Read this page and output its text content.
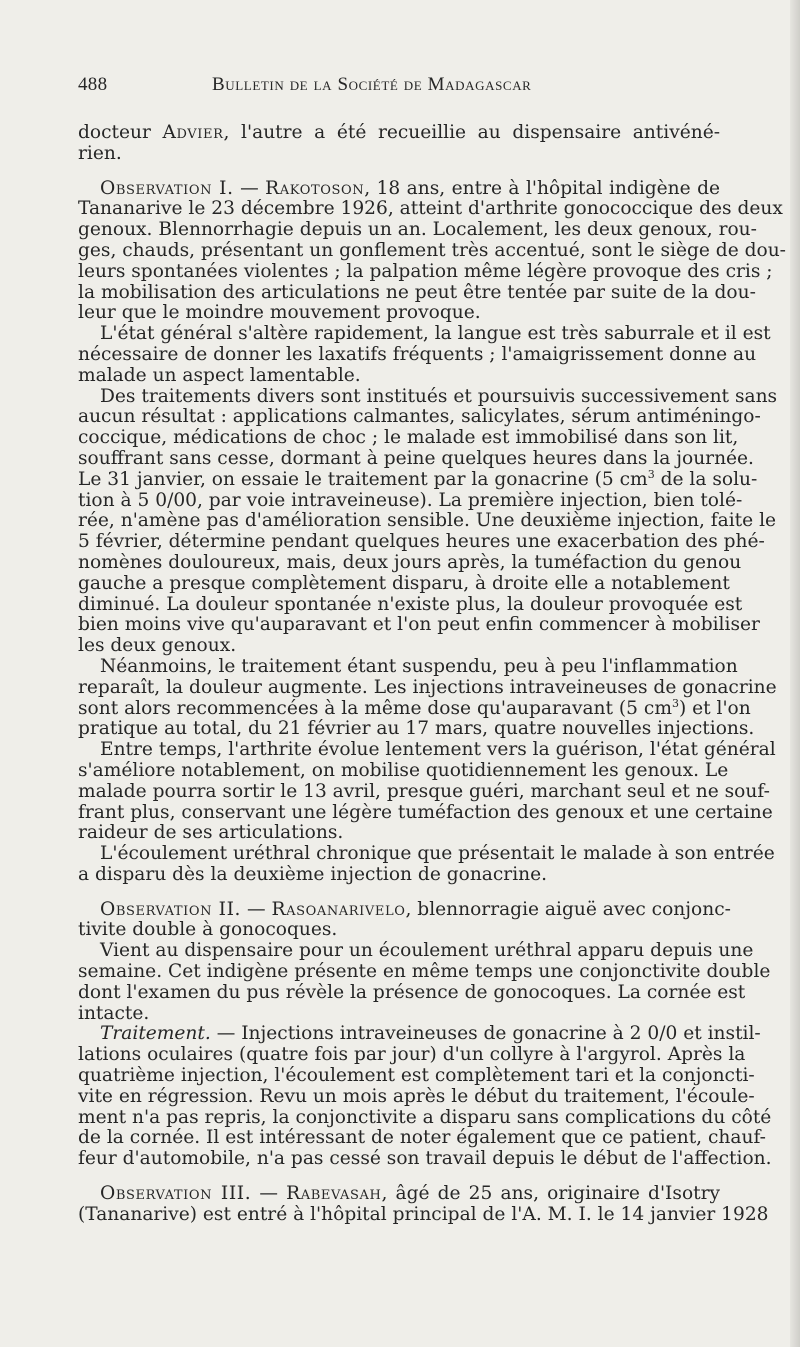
488	Bulletin de la Société de Madagascar
docteur Advier, l'autre a été recueillie au dispensaire antivéné-
rien.
Observation I. — Rakotoson, 18 ans, entre à l'hôpital indigène de
Tananarive le 23 décembre 1926, atteint d'arthrite gonococcique des deux
genoux. Blennorrhagie depuis un an. Localement, les deux genoux, rou-
ges, chauds, présentant un gonflement très accentué, sont le siège de dou-
leurs spontanées violentes ; la palpation même légère provoque des cris ;
la mobilisation des articulations ne peut être tentée par suite de la dou-
leur que le moindre mouvement provoque.
L'état général s'altère rapidement, la langue est très saburrale et il est
nécessaire de donner les laxatifs fréquents ; l'amaigrissement donne au
malade un aspect lamentable.
Des traitements divers sont institués et poursuivis successivement sans
aucun résultat : applications calmantes, salicylates, sérum antiméningo-
coccique, médications de choc ; le malade est immobilisé dans son lit,
souffrant sans cesse, dormant à peine quelques heures dans la journée.
Le 31 janvier, on essaie le traitement par la gonacrine (5 $cm^3$ de la solu-
tion à 5 0/00, par voie intraveineuse). La première injection, bien tolé-
rée, n'amène pas d'amélioration sensible. Une deuxième injection, faite le
5 février, détermine pendant quelques heures une exacerbation des phé-
nomènes douloureux, mais, deux jours après, la tuméfaction du genou
gauche a presque complètement disparu, à droite elle a notablement
diminué. La douleur spontanée n'existe plus, la douleur provoquée est
bien moins vive qu'auparavant et l'on peut enfin commencer à mobiliser
les deux genoux.
Néanmoins, le traitement étant suspendu, peu à peu l'inflammation
reparaît, la douleur augmente. Les injections intraveineuses de gonacrine
sont alors recommencées à la même dose qu'auparavant (5 $cm^3$) et l'on
pratique au total, du 21 février au 17 mars, quatre nouvelles injections.
Entre temps, l'arthrite évolue lentement vers la guérison, l'état général
s'améliore notablement, on mobilise quotidiennement les genoux. Le
malade pourra sortir le 13 avril, presque guéri, marchant seul et ne souf-
frant plus, conservant une légère tuméfaction des genoux et une certaine
raideur de ses articulations.
L'écoulement uréthral chronique que présentait le malade à son entrée
a disparu dès la deuxième injection de gonacrine.
Observation II. — Rasoanarivelo, blennorragie aiguë avec conjonc-
tivite double à gonocoques.
Vient au dispensaire pour un écoulement uréthral apparu depuis une
semaine. Cet indigène présente en même temps une conjonctivite double
dont l'examen du pus révèle la présence de gonocoques. La cornée est
intacte.
Traitement. — Injections intraveineuses de gonacrine à 2 0/0 et instil-
lations oculaires (quatre fois par jour) d'un collyre à l'argyrol. Après la
quatrième injection, l'écoulement est complètement tari et la conjoncti-
vite en régression. Revu un mois après le début du traitement, l'écoule-
ment n'a pas repris, la conjonctivite a disparu sans complications du côté
de la cornée. Il est intéressant de noter également que ce patient, chauf-
feur d'automobile, n'a pas cessé son travail depuis le début de l'affection.
Observation III. — Rabevasah, âgé de 25 ans, originaire d'Isotry
(Tananarive) est entré à l'hôpital principal de l'A. M. I. le 14 janvier 1928
